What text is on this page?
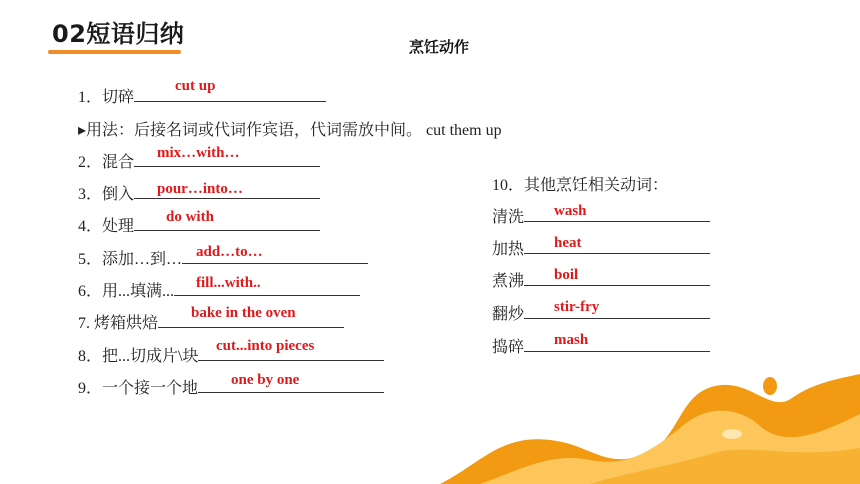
02短语归纳	烹饪动作
1．切碎
cut up
▸用法：后接名词或代词作宾语，代词需放中间。 cut them up
2．混合
mix…with…
3．倒入	pour…into…
4．处理
do with
5．添加…到… add…to…
6．用...填满...	fill...with..
7. 烤箱烘焙
bake in the oven
8．把...切成片\块
cut...into pieces
9．一个接一个地	one by one
10．其他烹饪相关动词：
清洗	wash
加热	heat
煮沸	boil
翻炒	stir-fry
捣碎	mash
